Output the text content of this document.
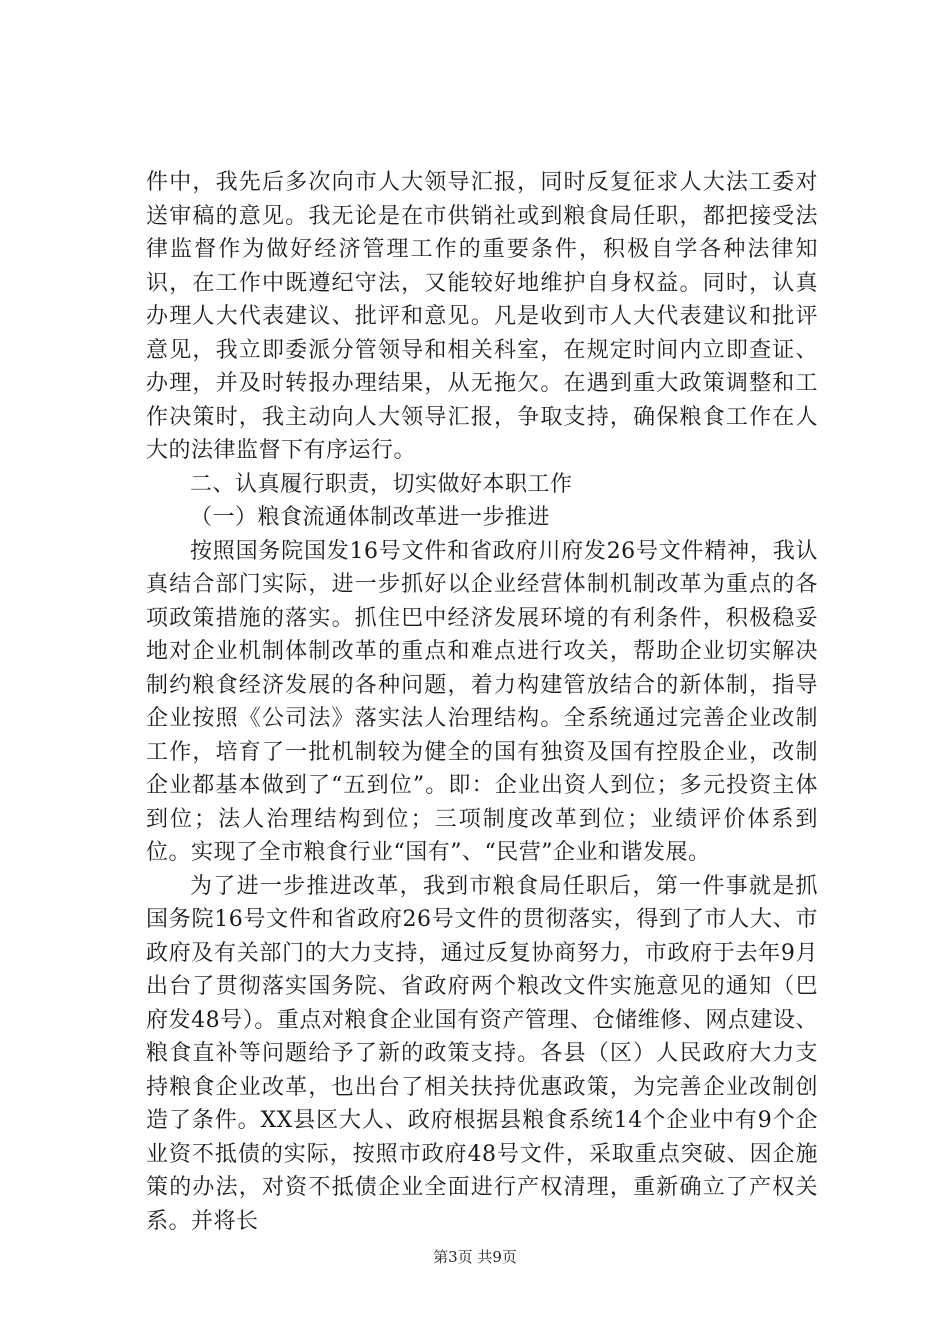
件中，我先后多次向市人大领导汇报，同时反复征求人大法工委对送审稿的意见。我无论是在市供销社或到粮食局任职，都把接受法律监督作为做好经济管理工作的重要条件，积极自学各种法律知识，在工作中既遵纪守法，又能较好地维护自身权益。同时，认真办理人大代表建议、批评和意见。凡是收到市人大代表建议和批评意见，我立即委派分管领导和相关科室，在规定时间内立即查证、办理，并及时转报办理结果，从无拖欠。在遇到重大政策调整和工作决策时，我主动向人大领导汇报，争取支持，确保粮食工作在人大的法律监督下有序运行。

二、认真履行职责，切实做好本职工作

（一）粮食流通体制改革进一步推进

按照国务院国发16号文件和省政府川府发26号文件精神，我认真结合部门实际，进一步抓好以企业经营体制机制改革为重点的各项政策措施的落实。抓住巴中经济发展环境的有利条件，积极稳妥地对企业机制体制改革的重点和难点进行攻关，帮助企业切实解决制约粮食经济发展的各种问题，着力构建管放结合的新体制，指导企业按照《公司法》落实法人治理结构。全系统通过完善企业改制工作，培育了一批机制较为健全的国有独资及国有控股企业，改制企业都基本做到了“五到位”。即：企业出资人到位；多元投资主体到位；法人治理结构到位；三项制度改革到位；业绩评价体系到位。实现了全市粮食行业“国有”、“民营”企业和谐发展。

为了进一步推进改革，我到市粮食局任职后，第一件事就是抓国务院16号文件和省政府26号文件的贯彻落实，得到了市人大、市政府及有关部门的大力支持，通过反复协商努力，市政府于去年9月出台了贯彻落实国务院、省政府两个粮改文件实施意见的通知（巴府发48号）。重点对粮食企业国有资产管理、仓储维修、网点建设、粮食直补等问题给予了新的政策支持。各县（区）人民政府大力支持粮食企业改革，也出台了相关扶持优惠政策，为完善企业改制创造了条件。XX县区大人、政府根据县粮食系统14个企业中有9个企业资不抵债的实际，按照市政府48号文件，采取重点突破、因企施策的办法，对资不抵债企业全面进行产权清理，重新确立了产权关系。并将长

第3页 共9页
